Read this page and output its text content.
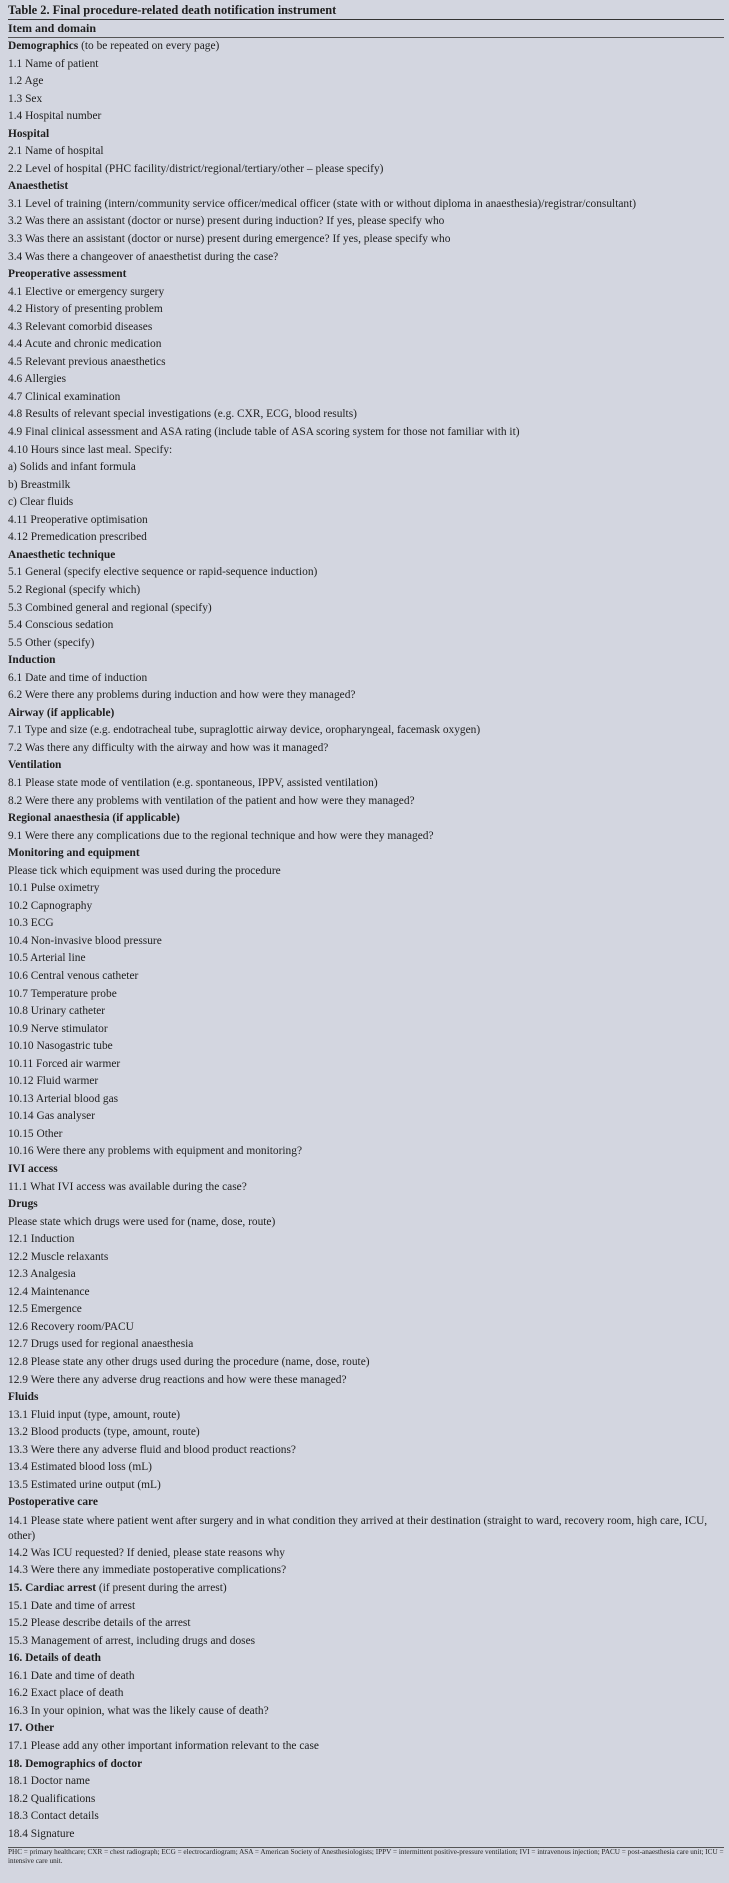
Table 2. Final procedure-related death notification instrument
Item and domain
Demographics (to be repeated on every page)
1.1 Name of patient
1.2 Age
1.3 Sex
1.4 Hospital number
Hospital
2.1 Name of hospital
2.2 Level of hospital (PHC facility/district/regional/tertiary/other – please specify)
Anaesthetist
3.1 Level of training (intern/community service officer/medical officer (state with or without diploma in anaesthesia)/registrar/consultant)
3.2 Was there an assistant (doctor or nurse) present during induction? If yes, please specify who
3.3 Was there an assistant (doctor or nurse) present during emergence? If yes, please specify who
3.4 Was there a changeover of anaesthetist during the case?
Preoperative assessment
4.1 Elective or emergency surgery
4.2 History of presenting problem
4.3 Relevant comorbid diseases
4.4 Acute and chronic medication
4.5 Relevant previous anaesthetics
4.6 Allergies
4.7 Clinical examination
4.8 Results of relevant special investigations (e.g. CXR, ECG, blood results)
4.9 Final clinical assessment and ASA rating (include table of ASA scoring system for those not familiar with it)
4.10 Hours since last meal. Specify:
a) Solids and infant formula
b) Breastmilk
c) Clear fluids
4.11 Preoperative optimisation
4.12 Premedication prescribed
Anaesthetic technique
5.1 General (specify elective sequence or rapid-sequence induction)
5.2 Regional (specify which)
5.3 Combined general and regional (specify)
5.4 Conscious sedation
5.5 Other (specify)
Induction
6.1 Date and time of induction
6.2 Were there any problems during induction and how were they managed?
Airway (if applicable)
7.1 Type and size (e.g. endotracheal tube, supraglottic airway device, oropharyngeal, facemask oxygen)
7.2 Was there any difficulty with the airway and how was it managed?
Ventilation
8.1 Please state mode of ventilation (e.g. spontaneous, IPPV, assisted ventilation)
8.2 Were there any problems with ventilation of the patient and how were they managed?
Regional anaesthesia (if applicable)
9.1 Were there any complications due to the regional technique and how were they managed?
Monitoring and equipment
Please tick which equipment was used during the procedure
10.1 Pulse oximetry
10.2 Capnography
10.3 ECG
10.4 Non-invasive blood pressure
10.5 Arterial line
10.6 Central venous catheter
10.7 Temperature probe
10.8 Urinary catheter
10.9 Nerve stimulator
10.10 Nasogastric tube
10.11 Forced air warmer
10.12 Fluid warmer
10.13 Arterial blood gas
10.14 Gas analyser
10.15 Other
10.16 Were there any problems with equipment and monitoring?
IVI access
11.1 What IVI access was available during the case?
Drugs
Please state which drugs were used for (name, dose, route)
12.1 Induction
12.2 Muscle relaxants
12.3 Analgesia
12.4 Maintenance
12.5 Emergence
12.6 Recovery room/PACU
12.7 Drugs used for regional anaesthesia
12.8 Please state any other drugs used during the procedure (name, dose, route)
12.9 Were there any adverse drug reactions and how were these managed?
Fluids
13.1 Fluid input (type, amount, route)
13.2 Blood products (type, amount, route)
13.3 Were there any adverse fluid and blood product reactions?
13.4 Estimated blood loss (mL)
13.5 Estimated urine output (mL)
Postoperative care
14.1 Please state where patient went after surgery and in what condition they arrived at their destination (straight to ward, recovery room, high care, ICU, other)
14.2 Was ICU requested? If denied, please state reasons why
14.3 Were there any immediate postoperative complications?
15. Cardiac arrest (if present during the arrest)
15.1 Date and time of arrest
15.2 Please describe details of the arrest
15.3 Management of arrest, including drugs and doses
16. Details of death
16.1 Date and time of death
16.2 Exact place of death
16.3 In your opinion, what was the likely cause of death?
17. Other
17.1 Please add any other important information relevant to the case
18. Demographics of doctor
18.1 Doctor name
18.2 Qualifications
18.3 Contact details
18.4 Signature
PHC = primary healthcare; CXR = chest radiograph; ECG = electrocardiogram; ASA = American Society of Anesthesiologists; IPPV = intermittent positive-pressure ventilation; IVI = intravenous injection; PACU = post-anaesthesia care unit; ICU = intensive care unit.
